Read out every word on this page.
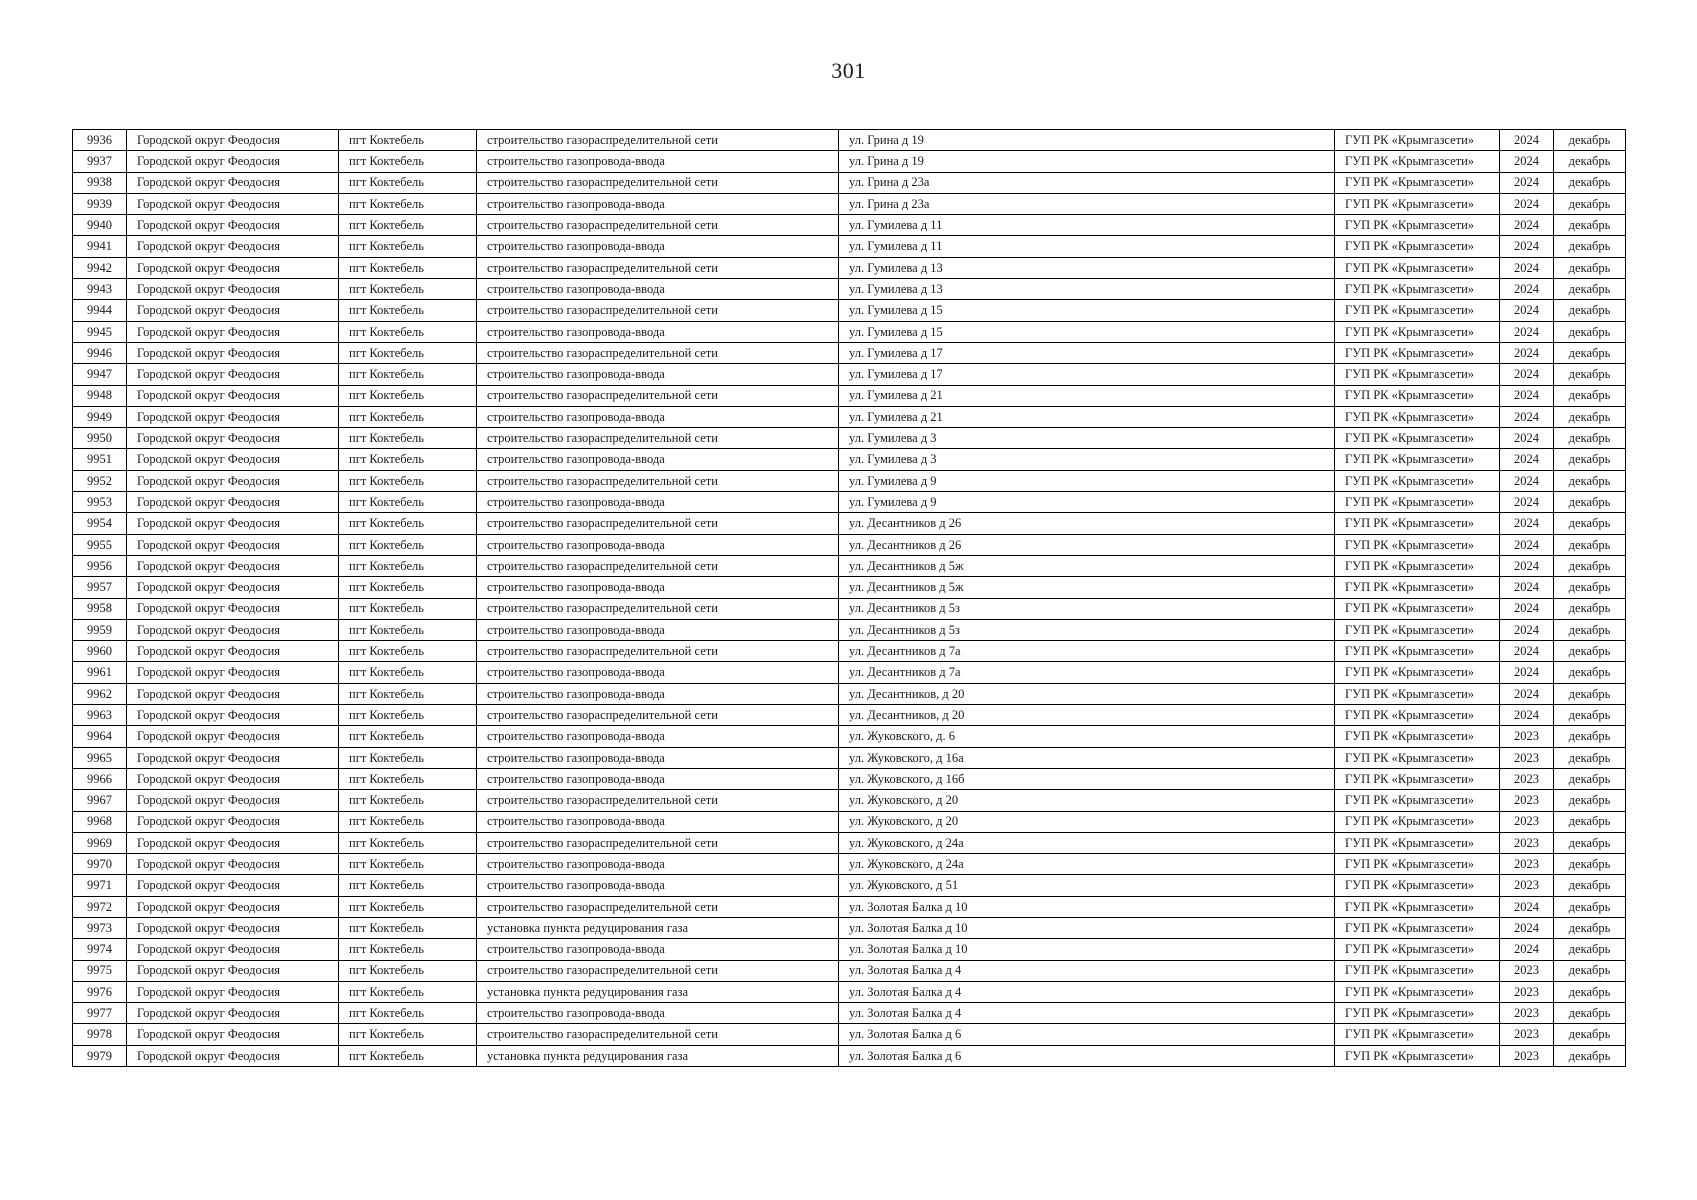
301
9936	Городской округ Феодосия	пгт Коктебель	строительство газораспределительной сети	ул. Грина д 19	ГУП РК «Крымгазсети»	2024	декабрь
9937	Городской округ Феодосия	пгт Коктебель	строительство газопровода-ввода	ул. Грина д 19	ГУП РК «Крымгазсети»	2024	декабрь
9938	Городской округ Феодосия	пгт Коктебель	строительство газораспределительной сети	ул. Грина д 23а	ГУП РК «Крымгазсети»	2024	декабрь
9939	Городской округ Феодосия	пгт Коктебель	строительство газопровода-ввода	ул. Грина д 23а	ГУП РК «Крымгазсети»	2024	декабрь
9940	Городской округ Феодосия	пгт Коктебель	строительство газораспределительной сети	ул. Гумилева д 11	ГУП РК «Крымгазсети»	2024	декабрь
9941	Городской округ Феодосия	пгт Коктебель	строительство газопровода-ввода	ул. Гумилева д 11	ГУП РК «Крымгазсети»	2024	декабрь
9942	Городской округ Феодосия	пгт Коктебель	строительство газораспределительной сети	ул. Гумилева д 13	ГУП РК «Крымгазсети»	2024	декабрь
9943	Городской округ Феодосия	пгт Коктебель	строительство газопровода-ввода	ул. Гумилева д 13	ГУП РК «Крымгазсети»	2024	декабрь
9944	Городской округ Феодосия	пгт Коктебель	строительство газораспределительной сети	ул. Гумилева д 15	ГУП РК «Крымгазсети»	2024	декабрь
9945	Городской округ Феодосия	пгт Коктебель	строительство газопровода-ввода	ул. Гумилева д 15	ГУП РК «Крымгазсети»	2024	декабрь
9946	Городской округ Феодосия	пгт Коктебель	строительство газораспределительной сети	ул. Гумилева д 17	ГУП РК «Крымгазсети»	2024	декабрь
9947	Городской округ Феодосия	пгт Коктебель	строительство газопровода-ввода	ул. Гумилева д 17	ГУП РК «Крымгазсети»	2024	декабрь
9948	Городской округ Феодосия	пгт Коктебель	строительство газораспределительной сети	ул. Гумилева д 21	ГУП РК «Крымгазсети»	2024	декабрь
9949	Городской округ Феодосия	пгт Коктебель	строительство газопровода-ввода	ул. Гумилева д 21	ГУП РК «Крымгазсети»	2024	декабрь
9950	Городской округ Феодосия	пгт Коктебель	строительство газораспределительной сети	ул. Гумилева д 3	ГУП РК «Крымгазсети»	2024	декабрь
9951	Городской округ Феодосия	пгт Коктебель	строительство газопровода-ввода	ул. Гумилева д 3	ГУП РК «Крымгазсети»	2024	декабрь
9952	Городской округ Феодосия	пгт Коктебель	строительство газораспределительной сети	ул. Гумилева д 9	ГУП РК «Крымгазсети»	2024	декабрь
9953	Городской округ Феодосия	пгт Коктебель	строительство газопровода-ввода	ул. Гумилева д 9	ГУП РК «Крымгазсети»	2024	декабрь
9954	Городской округ Феодосия	пгт Коктебель	строительство газораспределительной сети	ул. Десантников д 26	ГУП РК «Крымгазсети»	2024	декабрь
9955	Городской округ Феодосия	пгт Коктебель	строительство газопровода-ввода	ул. Десантников д 26	ГУП РК «Крымгазсети»	2024	декабрь
9956	Городской округ Феодосия	пгт Коктебель	строительство газораспределительной сети	ул. Десантников д 5ж	ГУП РК «Крымгазсети»	2024	декабрь
9957	Городской округ Феодосия	пгт Коктебель	строительство газопровода-ввода	ул. Десантников д 5ж	ГУП РК «Крымгазсети»	2024	декабрь
9958	Городской округ Феодосия	пгт Коктебель	строительство газораспределительной сети	ул. Десантников д 5з	ГУП РК «Крымгазсети»	2024	декабрь
9959	Городской округ Феодосия	пгт Коктебель	строительство газопровода-ввода	ул. Десантников д 5з	ГУП РК «Крымгазсети»	2024	декабрь
9960	Городской округ Феодосия	пгт Коктебель	строительство газораспределительной сети	ул. Десантников д 7а	ГУП РК «Крымгазсети»	2024	декабрь
9961	Городской округ Феодосия	пгт Коктебель	строительство газопровода-ввода	ул. Десантников д 7а	ГУП РК «Крымгазсети»	2024	декабрь
9962	Городской округ Феодосия	пгт Коктебель	строительство газопровода-ввода	ул. Десантников, д 20	ГУП РК «Крымгазсети»	2024	декабрь
9963	Городской округ Феодосия	пгт Коктебель	строительство газораспределительной сети	ул. Десантников, д 20	ГУП РК «Крымгазсети»	2024	декабрь
9964	Городской округ Феодосия	пгт Коктебель	строительство газопровода-ввода	ул. Жуковского, д. 6	ГУП РК «Крымгазсети»	2023	декабрь
9965	Городской округ Феодосия	пгт Коктебель	строительство газопровода-ввода	ул. Жуковского, д 16а	ГУП РК «Крымгазсети»	2023	декабрь
9966	Городской округ Феодосия	пгт Коктебель	строительство газопровода-ввода	ул. Жуковского, д 16б	ГУП РК «Крымгазсети»	2023	декабрь
9967	Городской округ Феодосия	пгт Коктебель	строительство газораспределительной сети	ул. Жуковского, д 20	ГУП РК «Крымгазсети»	2023	декабрь
9968	Городской округ Феодосия	пгт Коктебель	строительство газопровода-ввода	ул. Жуковского, д 20	ГУП РК «Крымгазсети»	2023	декабрь
9969	Городской округ Феодосия	пгт Коктебель	строительство газораспределительной сети	ул. Жуковского, д 24а	ГУП РК «Крымгазсети»	2023	декабрь
9970	Городской округ Феодосия	пгт Коктебель	строительство газопровода-ввода	ул. Жуковского, д 24а	ГУП РК «Крымгазсети»	2023	декабрь
9971	Городской округ Феодосия	пгт Коктебель	строительство газопровода-ввода	ул. Жуковского, д 51	ГУП РК «Крымгазсети»	2023	декабрь
9972	Городской округ Феодосия	пгт Коктебель	строительство газораспределительной сети	ул. Золотая Балка д 10	ГУП РК «Крымгазсети»	2024	декабрь
9973	Городской округ Феодосия	пгт Коктебель	установка пункта редуцирования газа	ул. Золотая Балка д 10	ГУП РК «Крымгазсети»	2024	декабрь
9974	Городской округ Феодосия	пгт Коктебель	строительство газопровода-ввода	ул. Золотая Балка д 10	ГУП РК «Крымгазсети»	2024	декабрь
9975	Городской округ Феодосия	пгт Коктебель	строительство газораспределительной сети	ул. Золотая Балка д 4	ГУП РК «Крымгазсети»	2023	декабрь
9976	Городской округ Феодосия	пгт Коктебель	установка пункта редуцирования газа	ул. Золотая Балка д 4	ГУП РК «Крымгазсети»	2023	декабрь
9977	Городской округ Феодосия	пгт Коктебель	строительство газопровода-ввода	ул. Золотая Балка д 4	ГУП РК «Крымгазсети»	2023	декабрь
9978	Городской округ Феодосия	пгт Коктебель	строительство газораспределительной сети	ул. Золотая Балка д 6	ГУП РК «Крымгазсети»	2023	декабрь
9979	Городской округ Феодосия	пгт Коктебель	установка пункта редуцирования газа	ул. Золотая Балка д 6	ГУП РК «Крымгазсети»	2023	декабрь
